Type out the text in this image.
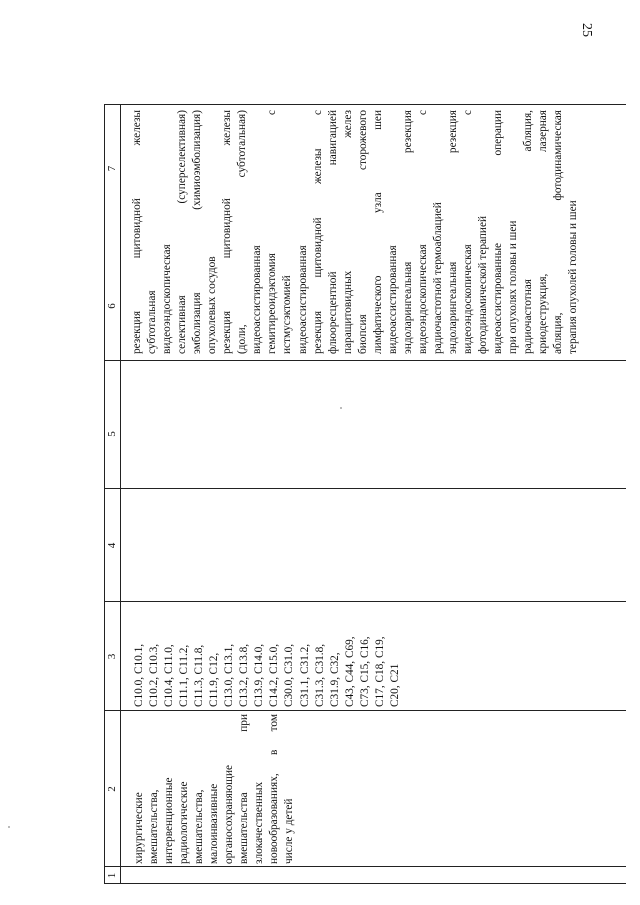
25
1
2
3
4
5
6
7
хирургические вмешательства, интервенционные радиологические вмешательства, малоинвазивные органосохраняющие вмешательства при злокачественных новообразованиях, в том числе у детей
C10.0, C10.1, C10.2, C10.3, C10.4, C11.0, C11.1, C11.2, C11.3, C11.8, C11.9, C12, C13.0, C13.1, C13.2, C13.8, C13.9, C14.0, C14.2, C15.0, C30.0, C31.0, C31.1, C31.2, C31.3, C31.8, C31.9, C32, C43, C44, C69, C73, C15, C16, C17, C18, C19, C20, C21
резекция щитовидной железы субтотальная видеоэндоскопическая селективная (суперселективная) эмболизация (химиоэмболизация) опухолевых сосудов резекция щитовидной железы (доли, субтотальная) видеоассистированная гемитиреоидэктомия с истмусэктомией видеоассистированная резекция щитовидной железы с флюоресцентной навигацией паращитовидных желез биопсия сторожевого лимфатического узла шеи видеоассистированная эндоларингеальная резекция видеоэндоскопическая с радиочастотной термоаблацией эндоларингеальная резекция видеоэндоскопическая с фотодинамической терапией видеоассистированные операции при опухолях головы и шеи радиочастотная абляция, криодеструкция, лазерная абляция, фотодинамическая терапия опухолей головы и шеи
